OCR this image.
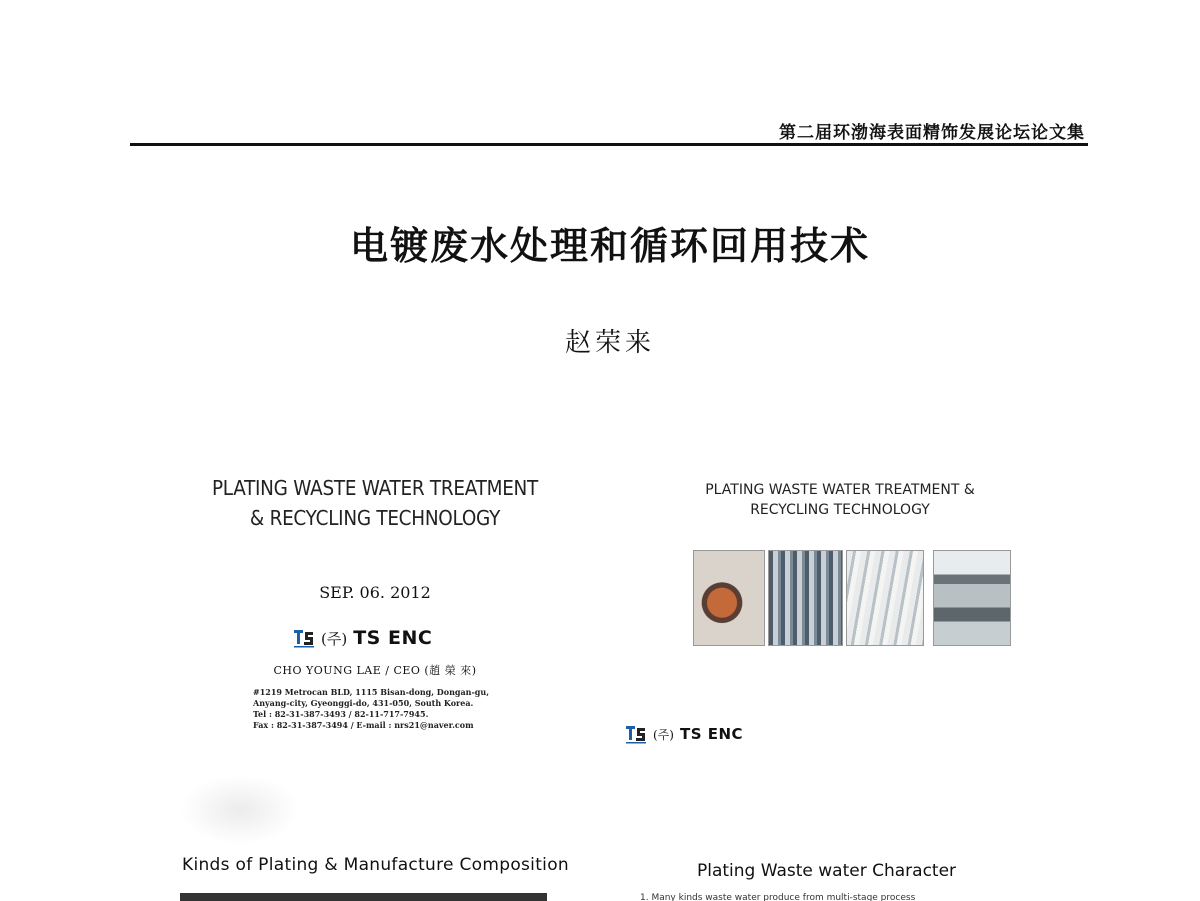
第二届环渤海表面精饰发展论坛论文集
电镀废水处理和循环回用技术
赵荣来
PLATING WASTE WATER TREATMENT
& RECYCLING TECHNOLOGY
SEP. 06. 2012
(주) TS ENC
CHO YOUNG LAE / CEO (趙 榮 來)
#1219 Metrocan BLD, 1115 Bisan-dong, Dongan-gu,
Anyang-city, Gyeonggi-do, 431-050, South Korea.
Tel : 82-31-387-3493 / 82-11-717-7945.
Fax : 82-31-387-3494 / E-mail : nrs21@naver.com
PLATING WASTE WATER TREATMENT &
RECYCLING TECHNOLOGY
(주) TS ENC
Kinds of Plating & Manufacture Composition	Plating Waste water Character
1. Many kinds waste water produce from multi-stage process
